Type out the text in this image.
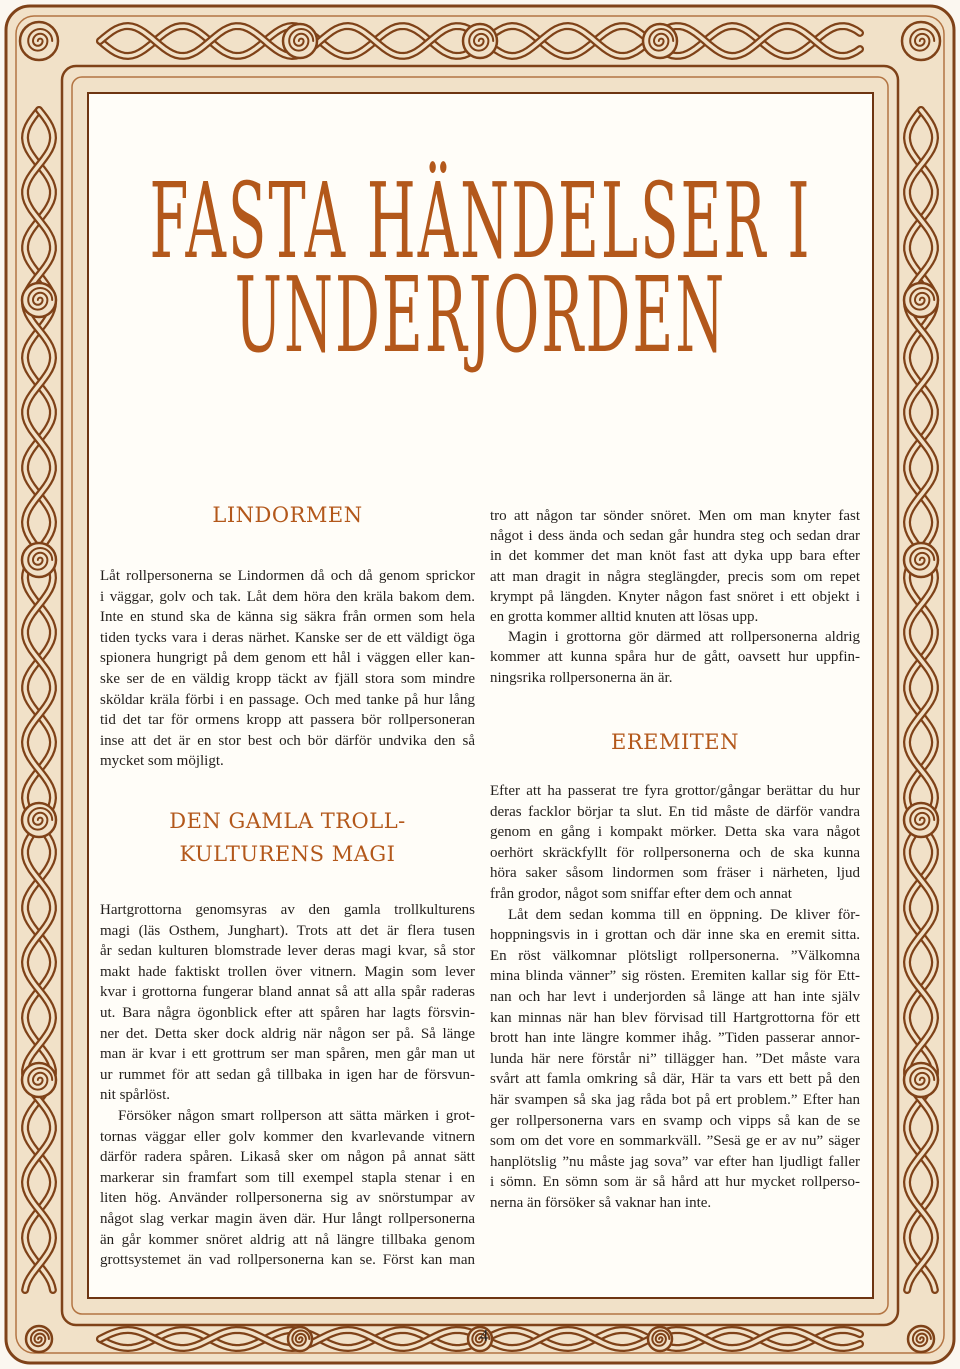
FASTA HÄNDELSER I
UNDERJORDEN
LINDORMEN
Låt rollpersonerna se Lindormen då och då genom sprickor
i väggar, golv och tak. Låt dem höra den kräla bakom dem.
Inte en stund ska de känna sig säkra från ormen som hela
tiden tycks vara i deras närhet. Kanske ser de ett väldigt öga
spionera hungrigt på dem genom ett hål i väggen eller kan-
ske ser de en väldig kropp täckt av fjäll stora som mindre
sköldar kräla förbi i en passage. Och med tanke på hur lång
tid det tar för ormens kropp att passera bör rollpersoneran
inse att det är en stor best och bör därför undvika den så
mycket som möjligt.
DEN GAMLA TROLL-
KULTURENS MAGI
Hartgrottorna genomsyras av den gamla trollkulturens
magi (läs Osthem, Junghart). Trots att det är flera tusen
år sedan kulturen blomstrade lever deras magi kvar, så stor
makt hade faktiskt trollen över vitnern. Magin som lever
kvar i grottorna fungerar bland annat så att alla spår raderas
ut. Bara några ögonblick efter att spåren har lagts försvin-
ner det. Detta sker dock aldrig när någon ser på. Så länge
man är kvar i ett grottrum ser man spåren, men går man ut
ur rummet för att sedan gå tillbaka in igen har de försvun-
nit spårlöst.
Försöker någon smart rollperson att sätta märken i grot-
tornas väggar eller golv kommer den kvarlevande vitnern
därför radera spåren. Likaså sker om någon på annat sätt
markerar sin framfart som till exempel stapla stenar i en
liten hög. Använder rollpersonerna sig av snörstumpar av
något slag verkar magin även där. Hur långt rollpersonerna
än går kommer snöret aldrig att nå längre tillbaka genom
grottsystemet än vad rollpersonerna kan se. Först kan man
tro att någon tar sönder snöret. Men om man knyter fast
något i dess ända och sedan går hundra steg och sedan drar
in det kommer det man knöt fast att dyka upp bara efter
att man dragit in några steglängder, precis som om repet
krympt på längden. Knyter någon fast snöret i ett objekt i
en grotta kommer alltid knuten att lösas upp.
Magin i grottorna gör därmed att rollpersonerna aldrig
kommer att kunna spåra hur de gått, oavsett hur uppfin-
ningsrika rollpersonerna än är.
EREMITEN
Efter att ha passerat tre fyra grottor/gångar berättar du hur
deras facklor börjar ta slut. En tid måste de därför vandra
genom en gång i kompakt mörker. Detta ska vara något
oerhört skräckfyllt för rollpersonerna och de ska kunna
höra saker såsom lindormen som fräser i närheten, ljud
från grodor, något som sniffar efter dem och annat
Låt dem sedan komma till en öppning. De kliver för-
hoppningsvis in i grottan och där inne ska en eremit sitta.
En röst välkomnar plötsligt rollpersonerna. ”Välkomna
mina blinda vänner” sig rösten. Eremiten kallar sig för Ett-
nan och har levt i underjorden så länge att han inte själv
kan minnas när han blev förvisad till Hartgrottorna för ett
brott han inte längre kommer ihåg. ”Tiden passerar annor-
lunda här nere förstår ni” tillägger han. ”Det måste vara
svårt att famla omkring så där, Här ta vars ett bett på den
här svampen så ska jag råda bot på ert problem.” Efter han
ger rollpersonerna vars en svamp och vipps så kan de se
som om det vore en sommarkväll. ”Sesä ge er av nu” säger
hanplötslig ”nu måste jag sova” var efter han ljudligt faller
i sömn. En sömn som är så hård att hur mycket rollperso-
nerna än försöker så vaknar han inte.
4
